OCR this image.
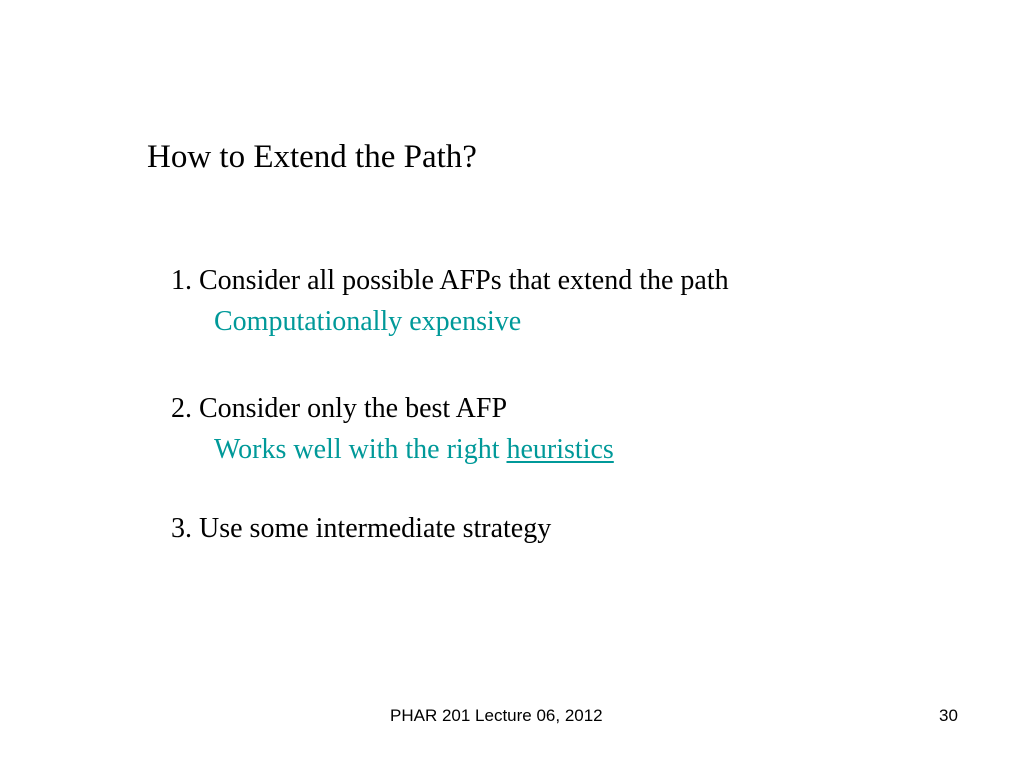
How to Extend the Path?
1. Consider all possible AFPs that extend the path
Computationally expensive
2. Consider only the best AFP
Works well with the right heuristics
3. Use some intermediate strategy
PHAR 201 Lecture 06, 2012	30
